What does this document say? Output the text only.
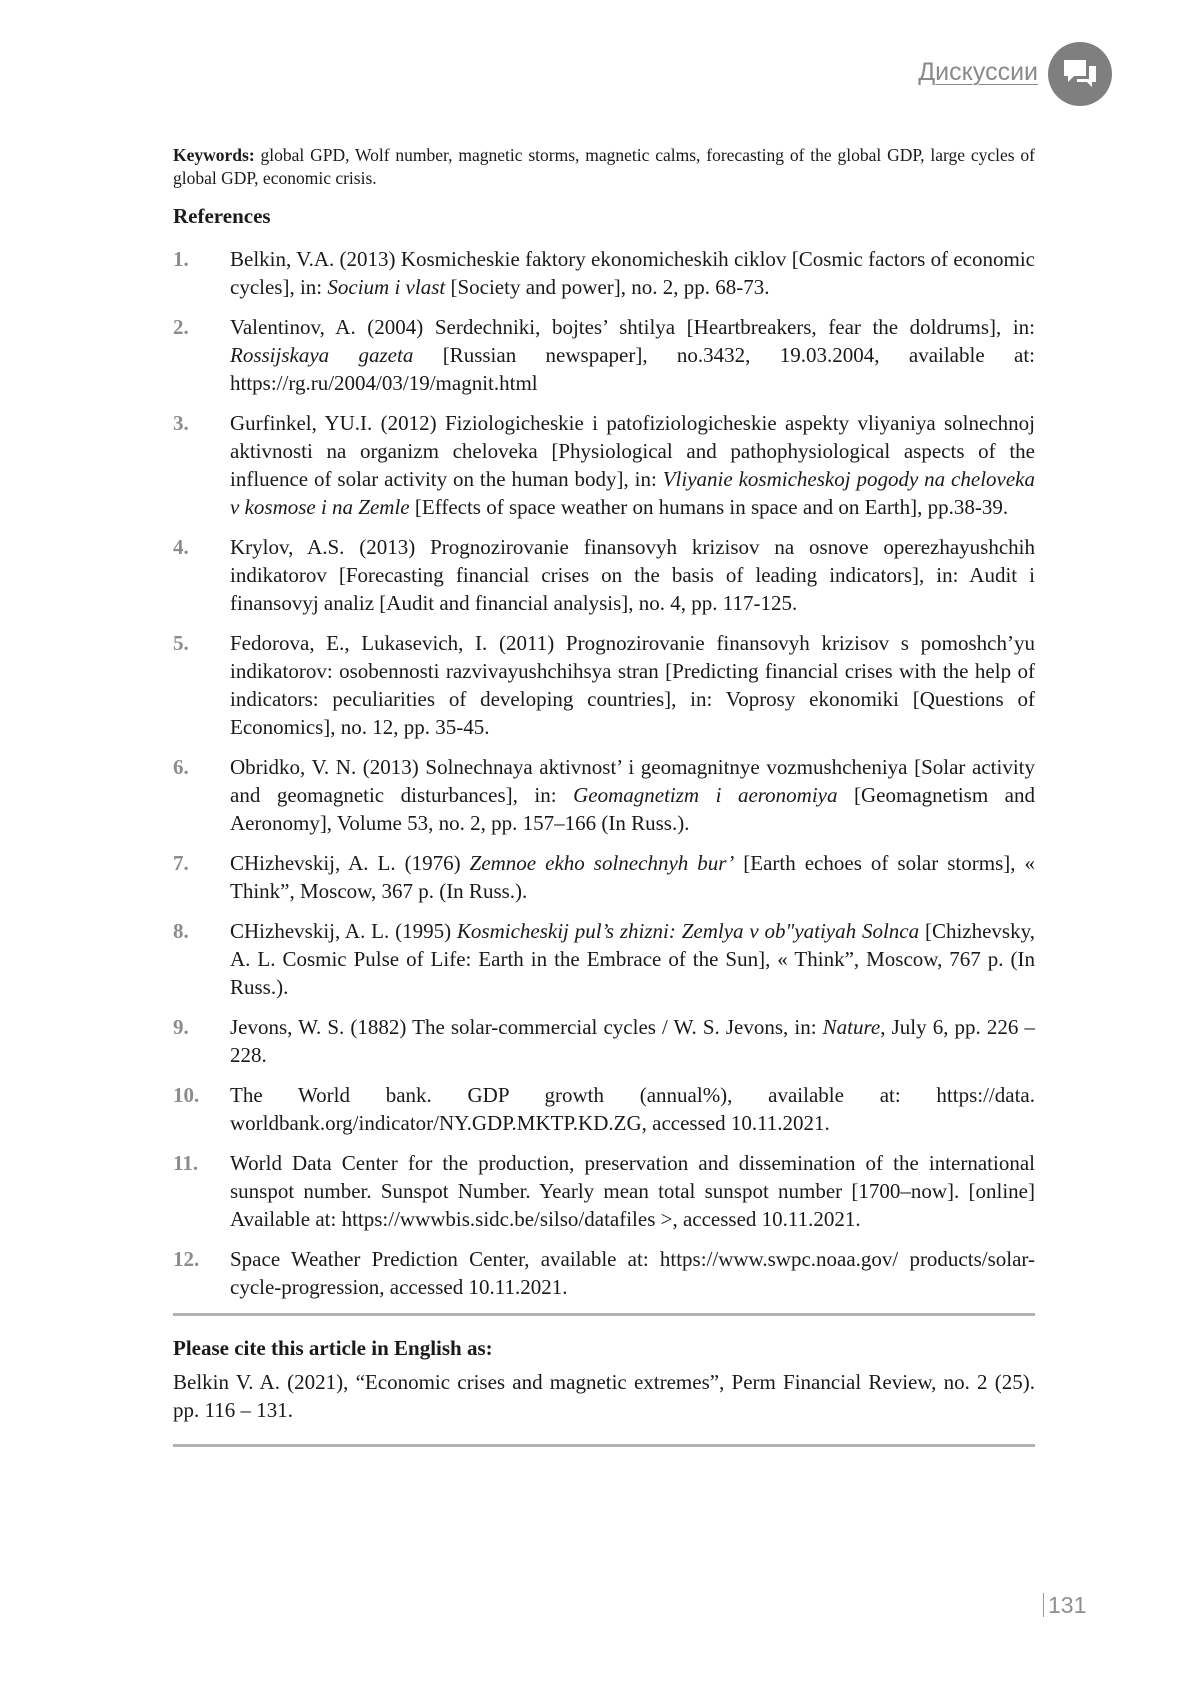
Дискуссии

Keywords: global GPD, Wolf number, magnetic storms, magnetic calms, forecasting of the global GDP, large cycles of global GDP, economic crisis.

References
1. Belkin, V.A. (2013) Kosmicheskie faktory ekonomicheskih ciklov [Cosmic factors of economic cycles], in: Socium i vlast [Society and power], no. 2, pp. 68-73.
2. Valentinov, A. (2004) Serdechniki, bojtes’ shtilya [Heartbreakers, fear the doldrums], in: Rossijskaya gazeta [Russian newspaper], no.3432, 19.03.2004, available at: https://rg.ru/2004/03/19/magnit.html
3. Gurfinkel, YU.I. (2012) Fiziologicheskie i patofiziologicheskie aspekty vliyaniya solnechnoj aktivnosti na organizm cheloveka [Physiological and pathophysiological aspects of the influence of solar activity on the human body], in: Vliyanie kosmicheskoj pogody na cheloveka v kosmose i na Zemle [Effects of space weather on humans in space and on Earth], pp.38-39.
4. Krylov, A.S. (2013) Prognozirovanie finansovyh krizisov na osnove operezhayushchih indikatorov [Forecasting financial crises on the basis of leading indicators], in: Audit i finansovyj analiz [Audit and financial analysis], no. 4, pp. 117-125.
5. Fedorova, E., Lukasevich, I. (2011) Prognozirovanie finansovyh krizisov s pomoshch’yu indikatorov: osobennosti razvivayushchihsya stran [Predicting financial crises with the help of indicators: peculiarities of developing countries], in: Voprosy ekonomiki [Questions of Economics], no. 12, pp. 35-45.
6. Obridko, V. N. (2013) Solnechnaya aktivnost’ i geomagnitnye vozmushcheniya [Solar activity and geomagnetic disturbances], in: Geomagnetizm i aeronomiya [Geomagnetism and Aeronomy], Volume 53, no. 2, pp. 157–166 (In Russ.).
7. CHizhevskij, A. L. (1976) Zemnoe ekho solnechnyh bur’ [Earth echoes of solar storms], « Think”, Moscow, 367 p. (In Russ.).
8. CHizhevskij, A. L. (1995) Kosmicheskij pul’s zhizni: Zemlya v ob"yatiyah Solnca [Chizhevsky, A. L. Cosmic Pulse of Life: Earth in the Embrace of the Sun], « Think”, Moscow, 767 p. (In Russ.).
9. Jevons, W. S. (1882) The solar-commercial cycles / W. S. Jevons, in: Nature, July 6, pp. 226 – 228.
10. The World bank. GDP growth (annual%), available at: https://data. worldbank.org/indicator/NY.GDP.MKTP.KD.ZG, accessed 10.11.2021.
11. World Data Center for the production, preservation and dissemination of the international sunspot number. Sunspot Number. Yearly mean total sunspot number [1700–now]. [online] Available at: https://wwwbis.sidc.be/silso/datafiles >, accessed 10.11.2021.
12. Space Weather Prediction Center, available at: https://www.swpc.noaa.gov/ products/solar-cycle-progression, accessed 10.11.2021.
Please cite this article in English as:
Belkin V. A. (2021), “Economic crises and magnetic extremes”, Perm Financial Review, no. 2 (25). pp. 116 – 131.
131
